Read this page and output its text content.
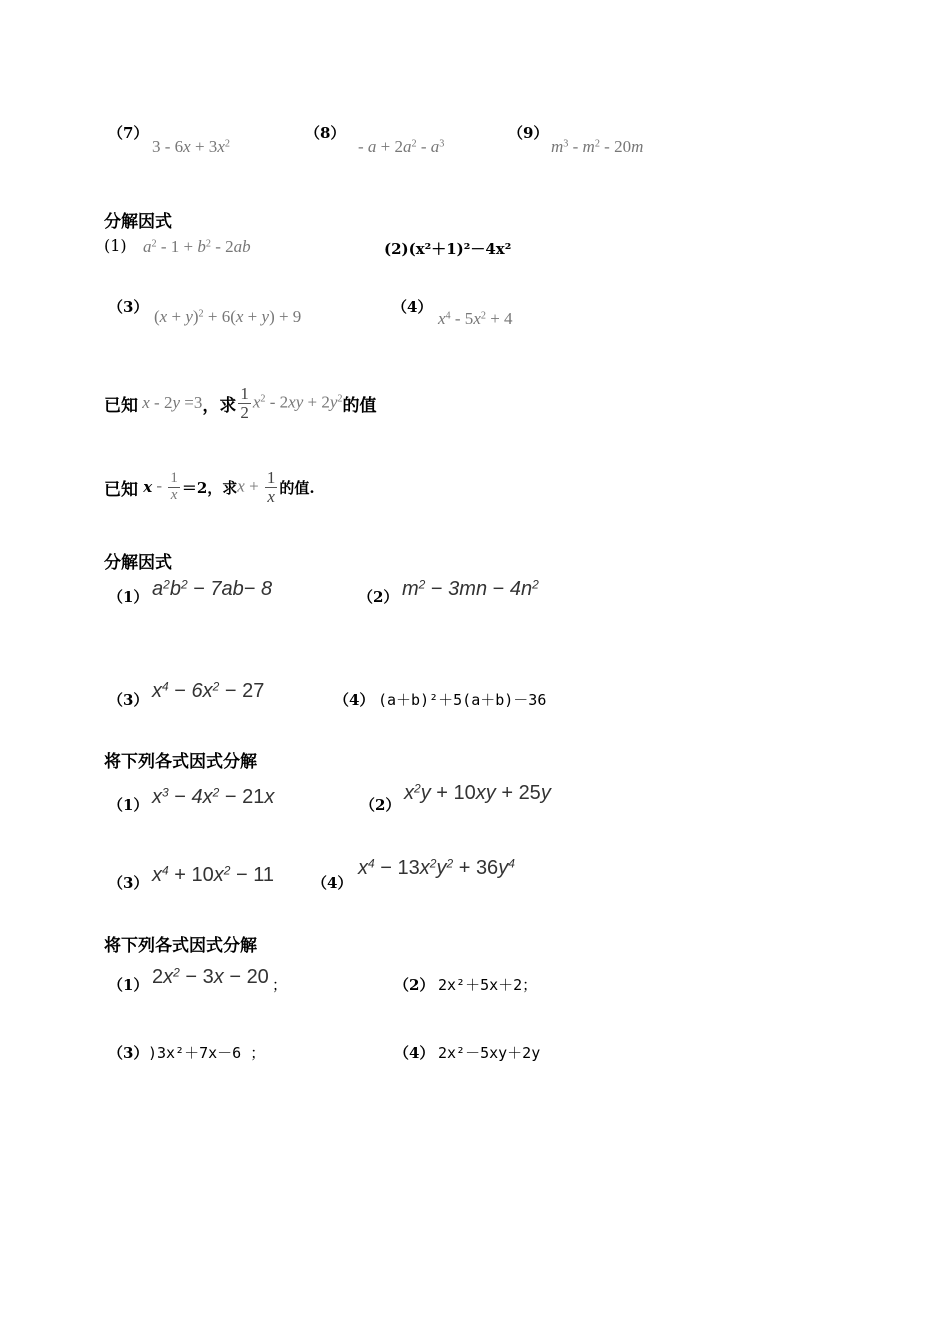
（7）
$3 - 6x + 3x^2$
（8）
- $a + 2a^2 - a^3$
（9）
$m^3 - m^2 - 20m$
分解因式
(1) $a^2 - 1 + b^2 - 2ab$	(2)(x²＋1)²－4x²
（3） $(x + y)^2 + 6(x + y) + 9$	（4）
$x^4 - 5x^2 + 4$
已知 x - 2y =3 ，求 $\frac{1}{2} x^2 - 2xy + 2y^2$ 的值
已知 $x - \frac{1}{x} =2$，求 $x + \frac{1}{x}$ 的值.
分解因式
（1） $a^2b^2 - 7ab- 8$	（2） $m^2 - 3mn - 4n^2$
（3） $x^4 - 6x^2 - 27$	（4） (a＋b)²＋5(a＋b)－36
将下列各式因式分解
（1） $x^3 - 4x^2 - 21x$	（2）
$x^2y + 10xy + 25y$
（3） $x^4 + 10x^2 - 11$	（4）
$x^4 - 13x^2y^2 + 36y^4$
将下列各式因式分解
（1） $2x^2 - 3x - 20$ ；	（2） 2x²＋5x＋2；
（3） )3x²＋7x－6 ；	（4） 2x²－5xy＋2y
